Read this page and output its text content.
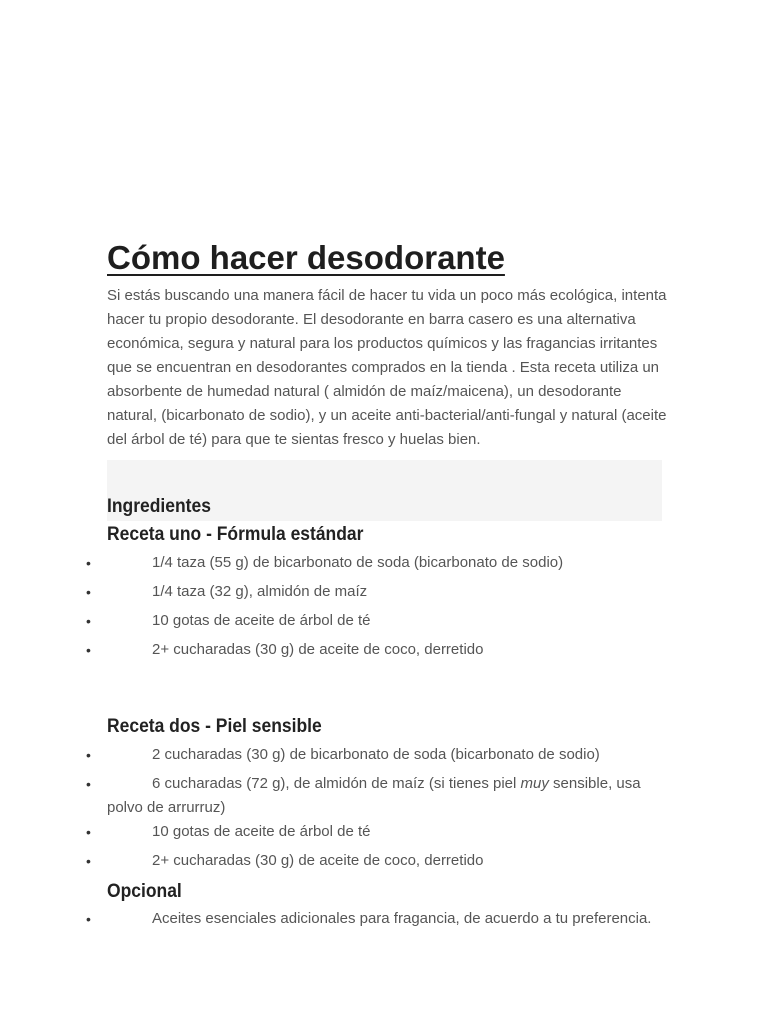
Cómo hacer desodorante

Si estás buscando una manera fácil de hacer tu vida un poco más ecológica, intenta hacer tu propio desodorante. El desodorante en barra casero es una alternativa económica, segura y natural para los productos químicos y las fragancias irritantes que se encuentran en desodorantes comprados en la tienda . Esta receta utiliza un absorbente de humedad natural ( almidón de maíz/maicena), un desodorante natural, (bicarbonato de sodio), y un aceite anti-bacterial/anti-fungal y natural (aceite del árbol de té) para que te sientas fresco y huelas bien.

Ingredientes
Receta uno - Fórmula estándar
• 1/4 taza (55 g) de bicarbonato de soda (bicarbonato de sodio)
• 1/4 taza (32 g), almidón de maíz
• 10 gotas de aceite de árbol de té
• 2+ cucharadas (30 g) de aceite de coco, derretido
Receta dos - Piel sensible
• 2 cucharadas (30 g) de bicarbonato de soda (bicarbonato de sodio)
• 6 cucharadas (72 g), de almidón de maíz (si tienes piel muy sensible, usa polvo de arrurruz)
• 10 gotas de aceite de árbol de té
• 2+ cucharadas (30 g) de aceite de coco, derretido
Opcional
• Aceites esenciales adicionales para fragancia, de acuerdo a tu preferencia.
